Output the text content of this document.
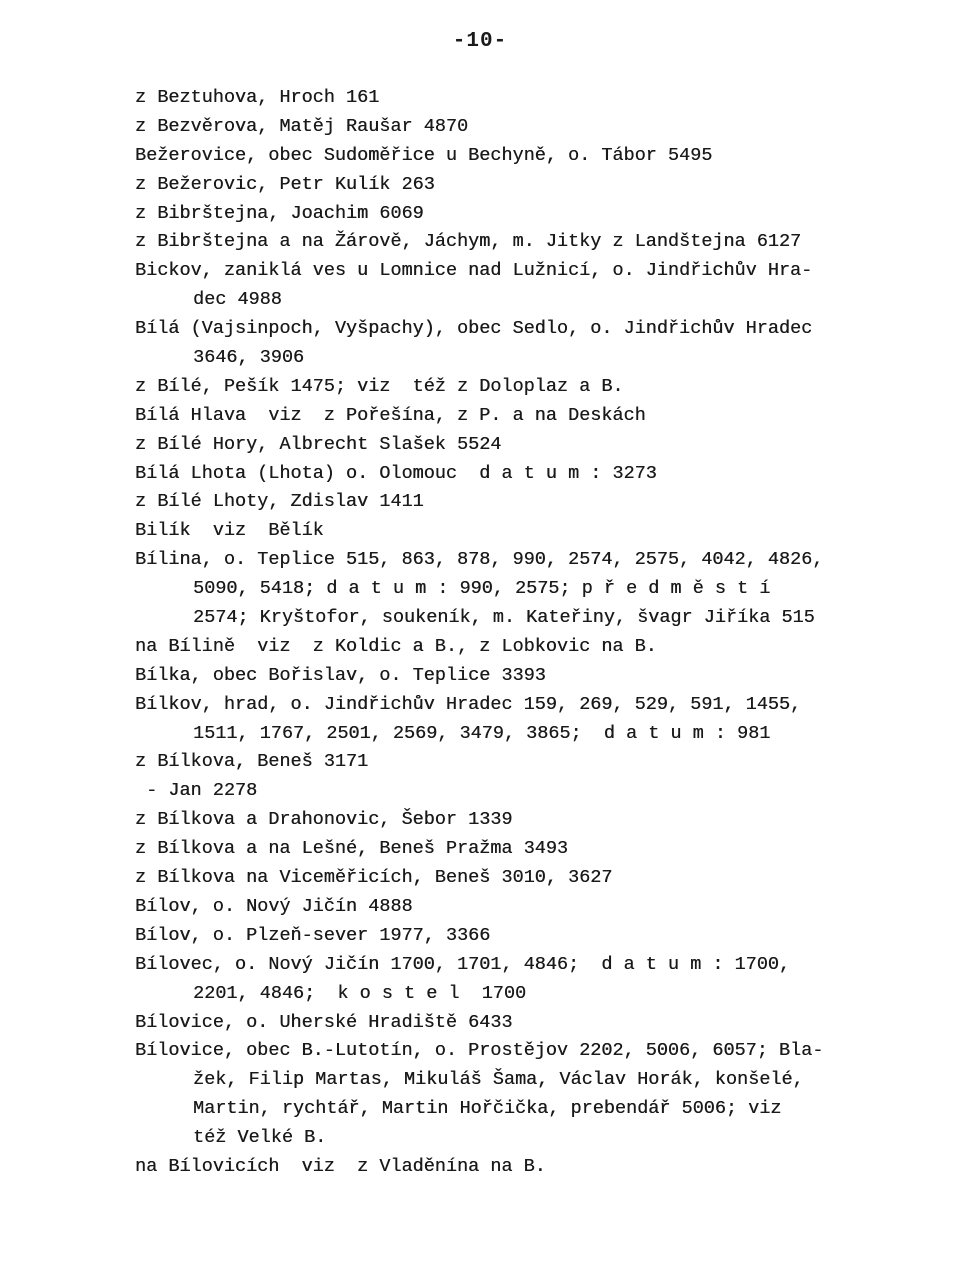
-10-
z Beztuhova, Hroch 161
z Bezvěrova, Matěj Raušar 4870
Bežerovice, obec Sudoměřice u Bechyně, o. Tábor 5495
z Bežerovic, Petr Kulík 263
z Bibrštejna, Joachim 6069
z Bibrštejna a na Žárově, Jáchym, m. Jitky z Landštejna 6127
Bickov, zaniklá ves u Lomnice nad Lužnicí, o. Jindřichův Hra-
dec 4988
Bílá (Vajsinpoch, Vyšpachy), obec Sedlo, o. Jindřichův Hradec
3646, 3906
z Bílé, Pešík 1475; viz  též z Doloplaz a B.
Bílá Hlava  viz  z Pořešína, z P. a na Deskách
z Bílé Hory, Albrecht Slašek 5524
Bílá Lhota (Lhota) o. Olomouc  d a t u m : 3273
z Bílé Lhoty, Zdislav 1411
Bilík  viz  Bělík
Bílina, o. Teplice 515, 863, 878, 990, 2574, 2575, 4042, 4826,
5090, 5418; d a t u m : 990, 2575; p ř e d m ě s t í
2574; Kryštofor, soukeník, m. Kateřiny, švagr Jiříka 515
na Bílině  viz  z Koldic a B., z Lobkovic na B.
Bílka, obec Bořislav, o. Teplice 3393
Bílkov, hrad, o. Jindřichův Hradec 159, 269, 529, 591, 1455,
1511, 1767, 2501, 2569, 3479, 3865;  d a t u m : 981
z Bílkova, Beneš 3171
- Jan 2278
z Bílkova a Drahonovic, Šebor 1339
z Bílkova a na Lešné, Beneš Pražma 3493
z Bílkova na Viceměřicích, Beneš 3010, 3627
Bílov, o. Nový Jičín 4888
Bílov, o. Plzeň-sever 1977, 3366
Bílovec, o. Nový Jičín 1700, 1701, 4846;  d a t u m : 1700,
2201, 4846;  k o s t e l  1700
Bílovice, o. Uherské Hradiště 6433
Bílovice, obec B.-Lutotín, o. Prostějov 2202, 5006, 6057; Bla-
žek, Filip Martas, Mikuláš Šama, Václav Horák, konšelé,
Martin, rychtář, Martin Hořčička, prebendář 5006; viz
též Velké B.
na Bílovicích  viz  z Vladěnína na B.
